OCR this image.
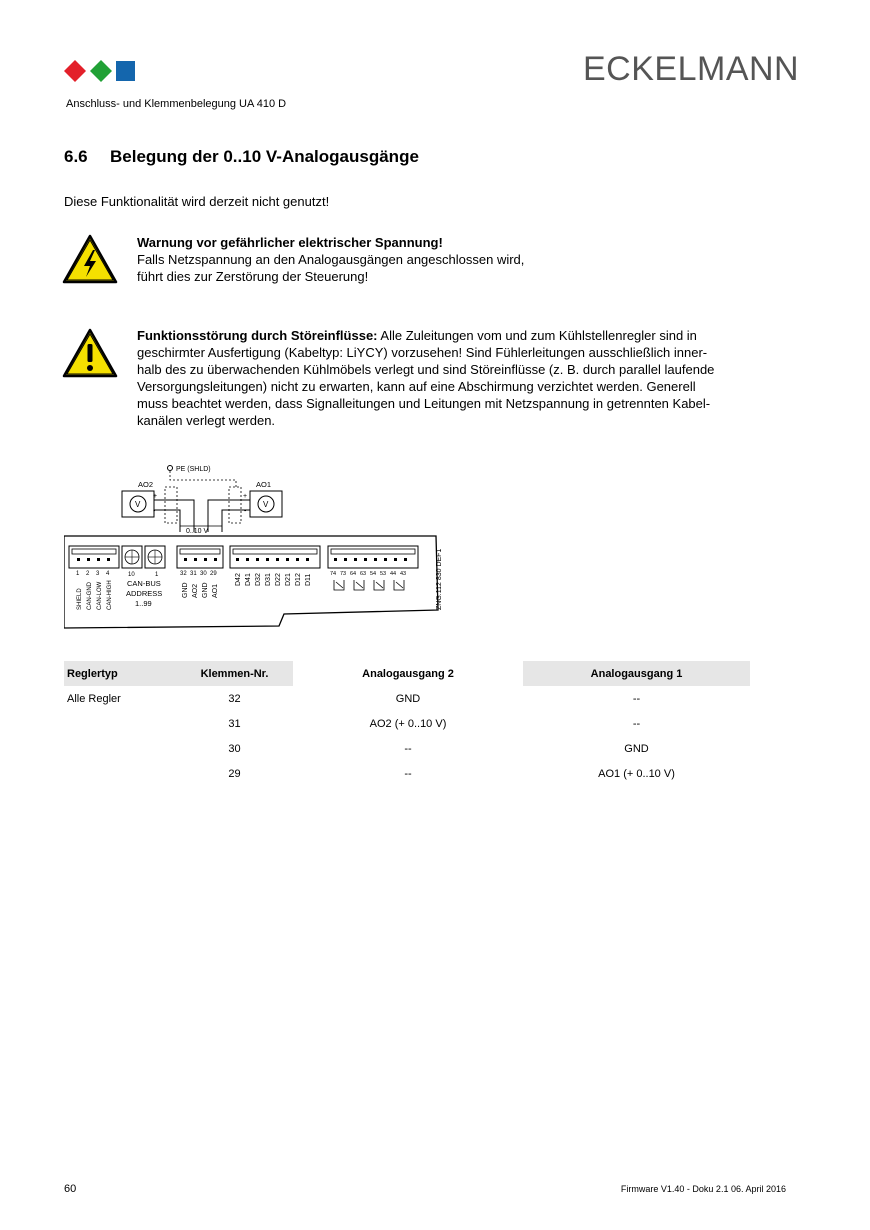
ECKELMANN
Anschluss- und Klemmenbelegung UA 410 D
6.6 Belegung der 0..10 V-Analogausgänge
Diese Funktionalität wird derzeit nicht genutzt!
Warnung vor gefährlicher elektrischer Spannung!
Falls Netzspannung an den Analogausgängen angeschlossen wird,
führt dies zur Zerstörung der Steuerung!
Funktionsstörung durch Störeinflüsse: Alle Zuleitungen vom und zum Kühlstellenregler sind in
geschirmter Ausfertigung (Kabeltyp: LiYCY) vorzusehen! Sind Fühlerleitungen ausschließlich inner-
halb des zu überwachenden Kühlmöbels verlegt und sind Störeinflüsse (z. B. durch parallel laufende
Versorgungsleitungen) nicht zu erwarten, kann auf eine Abschirmung verzichtet werden. Generell
muss beachtet werden, dass Signalleitungen und Leitungen mit Netzspannung in getrennten Kabel-
kanälen verlegt werden.
PE (SHLD)
AO2
V
+
-
AO1
V
+
-
0..10 V
1 2 3 4
SHIELD CAN-GND CAN-LOW CAN-HIGH
10	1
CAN-BUS
ADDRESS
1..99
32 31 30 29
GND AO2 GND AO1
D42 D41 D32 D31 D22 D21 D12 D11	74 73 64 63 54 53 44 43	ZNG:112 830 DEF1
Reglertyp	Klemmen-Nr.	Analogausgang 2	Analogausgang 1
Alle Regler	32	GND	--
	31	AO2 (+ 0..10 V)	--
	30	--	GND
	29	--	AO1 (+ 0..10 V)
60	Firmware V1.40 - Doku 2.1 06. April 2016
